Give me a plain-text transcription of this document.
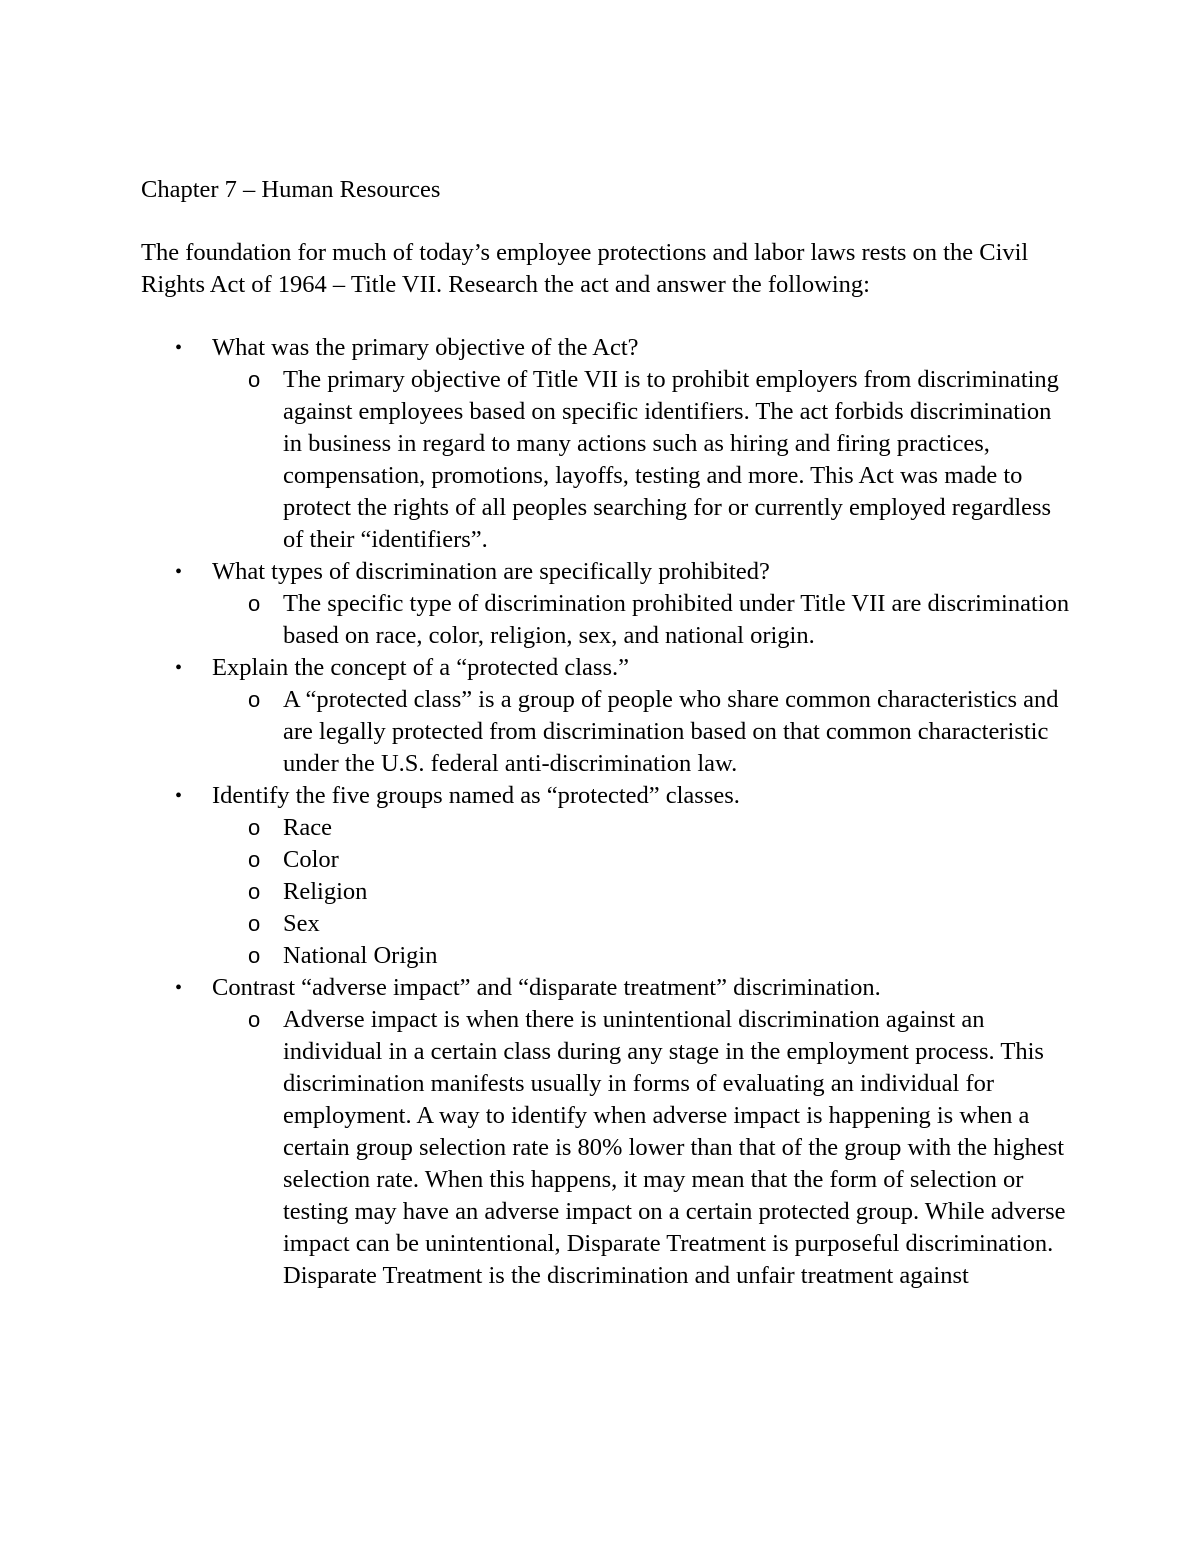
Chapter 7 – Human Resources

The foundation for much of today’s employee protections and labor laws rests on the Civil Rights Act of 1964 – Title VII. Research the act and answer the following:

•	What was the primary objective of the Act?
o The primary objective of Title VII is to prohibit employers from discriminating against employees based on specific identifiers. The act forbids discrimination in business in regard to many actions such as hiring and firing practices, compensation, promotions, layoffs, testing and more. This Act was made to protect the rights of all peoples searching for or currently employed regardless of their “identifiers”.
•	What types of discrimination are specifically prohibited?
o The specific type of discrimination prohibited under Title VII are discrimination based on race, color, religion, sex, and national origin.
•	Explain the concept of a “protected class.”
o A “protected class” is a group of people who share common characteristics and are legally protected from discrimination based on that common characteristic under the U.S. federal anti-discrimination law.
•	Identify the five groups named as “protected” classes.
o Race
o Color
o Religion
o Sex
o National Origin
•	Contrast “adverse impact” and “disparate treatment” discrimination.
o Adverse impact is when there is unintentional discrimination against an individual in a certain class during any stage in the employment process. This discrimination manifests usually in forms of evaluating an individual for employment. A way to identify when adverse impact is happening is when a certain group selection rate is 80% lower than that of the group with the highest selection rate. When this happens, it may mean that the form of selection or testing may have an adverse impact on a certain protected group. While adverse impact can be unintentional, Disparate Treatment is purposeful discrimination. Disparate Treatment is the discrimination and unfair treatment against
